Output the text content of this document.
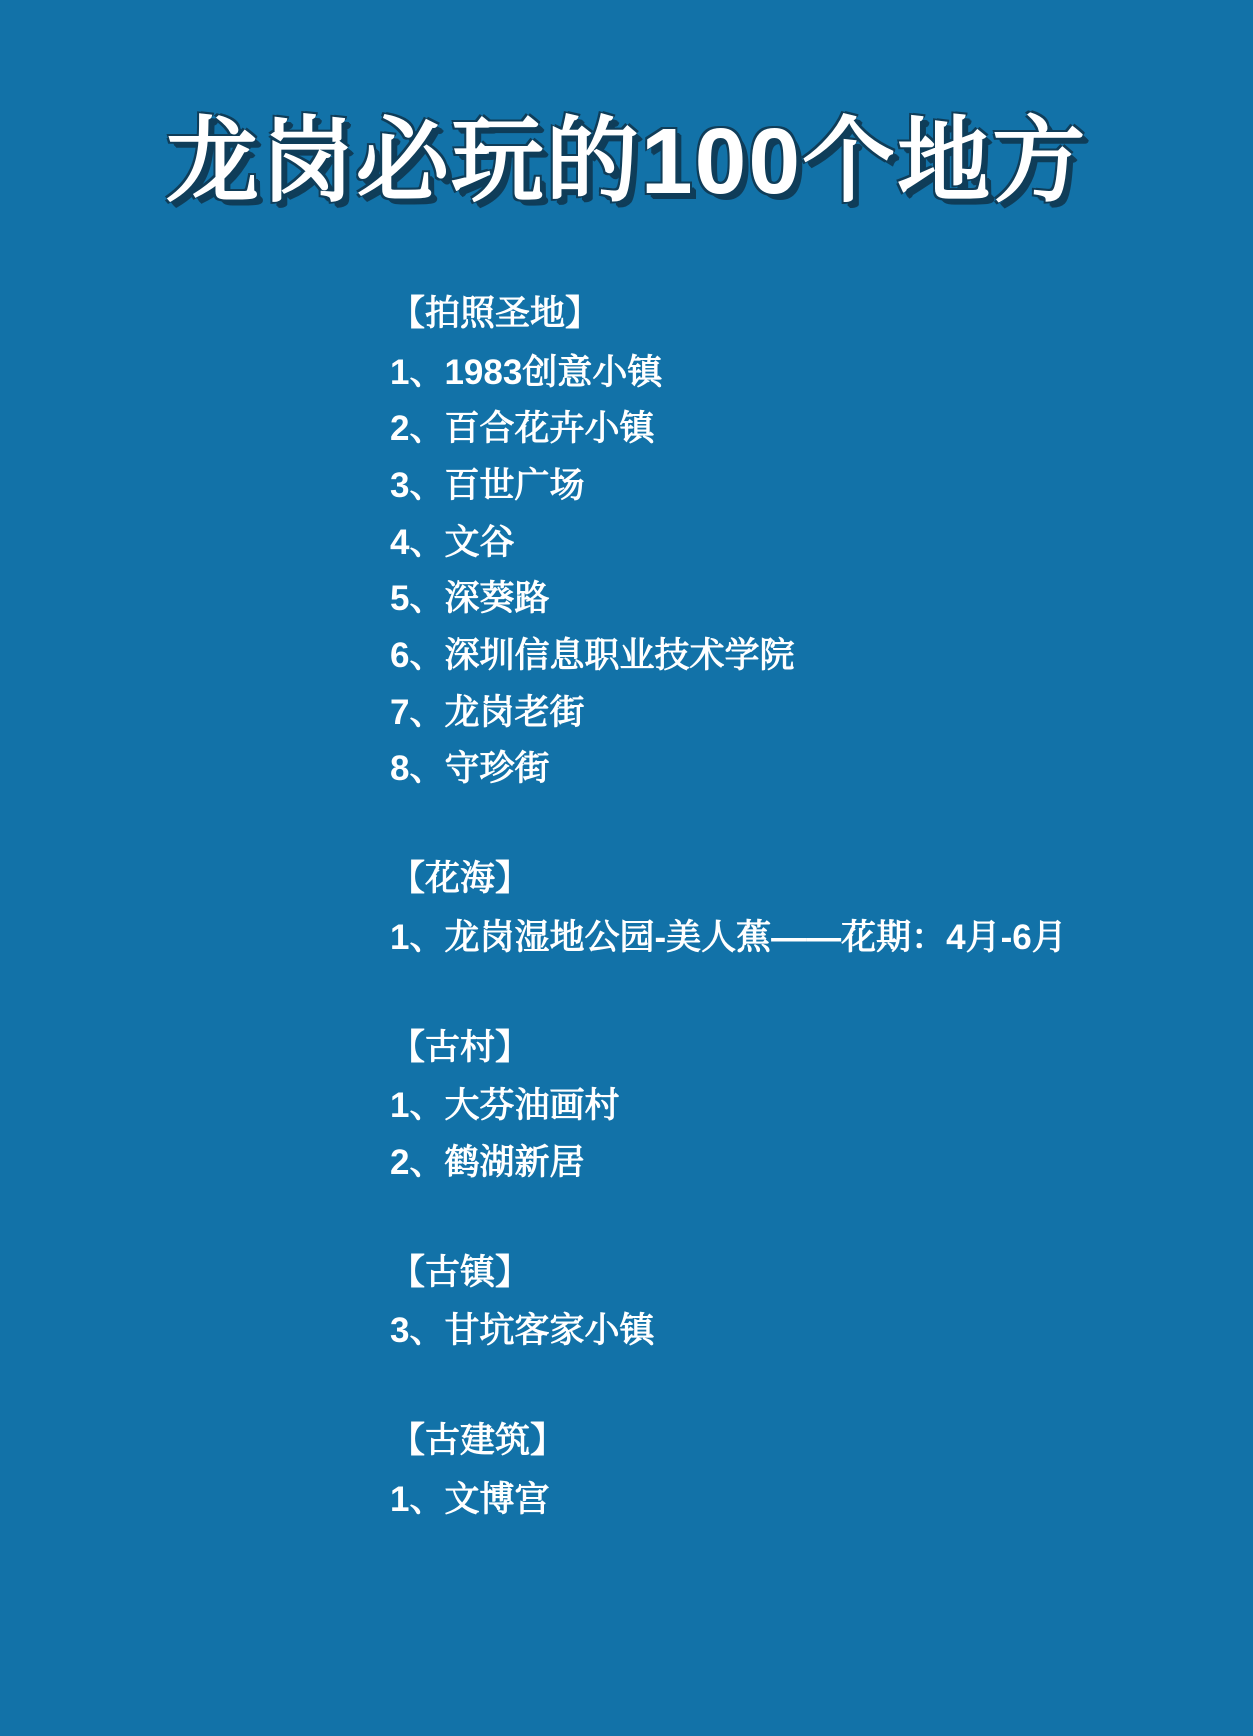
龙岗必玩的100个地方
【拍照圣地】
1、1983创意小镇
2、百合花卉小镇
3、百世广场
4、文谷
5、深葵路
6、深圳信息职业技术学院
7、龙岗老街
8、守珍街
【花海】
1、龙岗湿地公园-美人蕉——花期：4月-6月
【古村】
1、大芬油画村
2、鹤湖新居
【古镇】
3、甘坑客家小镇
【古建筑】
1、文博宫
